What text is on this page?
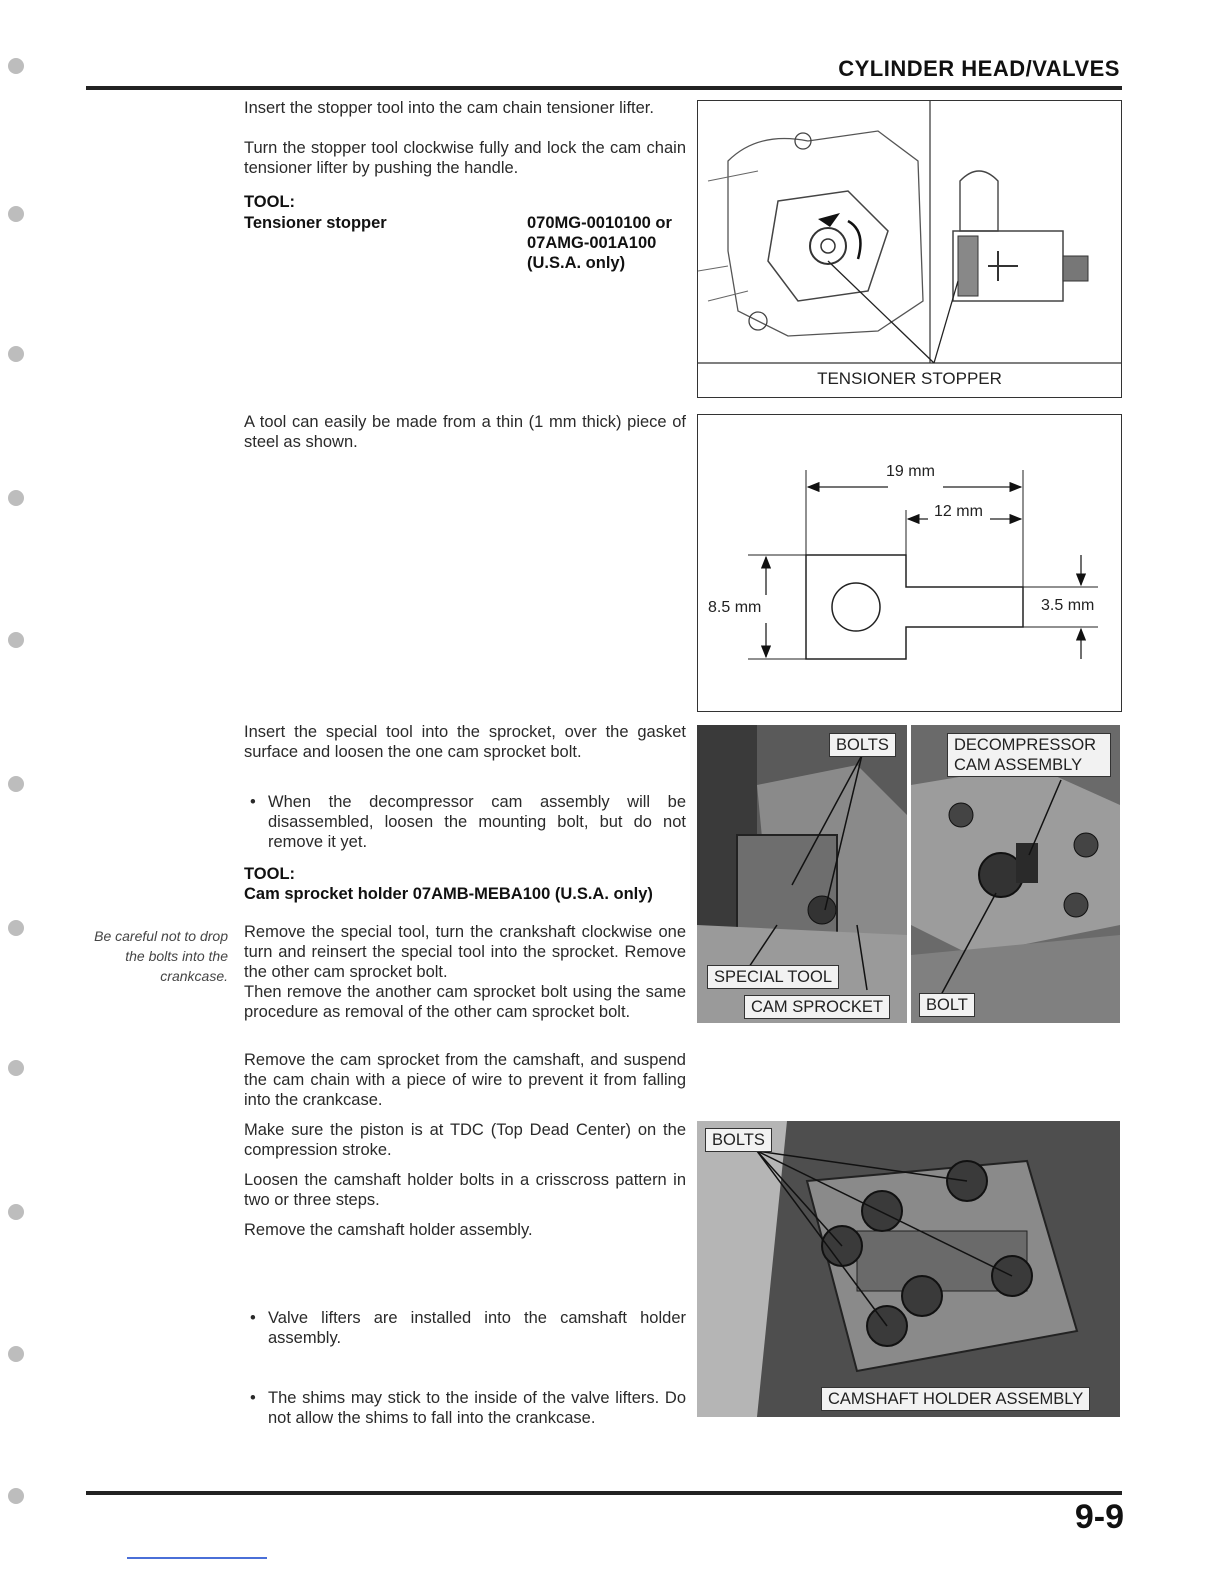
CYLINDER HEAD/VALVES
Insert the stopper tool into the cam chain tensioner lifter.
Turn the stopper tool clockwise fully and lock the cam chain tensioner lifter by pushing the handle.
TOOL:
Tensioner stopper	070MG-0010100 or
07AMG-001A100
(U.S.A. only)
TENSIONER STOPPER
A tool can easily be made from a thin (1 mm thick) piece of steel as shown.
19 mm
12 mm
8.5 mm	3.5 mm
Insert the special tool into the sprocket, over the gasket surface and loosen the one cam sprocket bolt.
• When the decompressor cam assembly will be disassembled, loosen the mounting bolt, but do not remove it yet.
TOOL:
Cam sprocket holder 07AMB-MEBA100 (U.S.A. only)
Be careful not to drop the bolts into the crankcase.
Remove the special tool, turn the crankshaft clockwise one turn and reinsert the special tool into the sprocket. Remove the other cam sprocket bolt.
Then remove the another cam sprocket bolt using the same procedure as removal of the other cam sprocket bolt.
Remove the cam sprocket from the camshaft, and suspend the cam chain with a piece of wire to prevent it from falling into the crankcase.
Make sure the piston is at TDC (Top Dead Center) on the compression stroke.
Loosen the camshaft holder bolts in a crisscross pattern in two or three steps.
Remove the camshaft holder assembly.
• Valve lifters are installed into the camshaft holder assembly.
• The shims may stick to the inside of the valve lifters. Do not allow the shims to fall into the crankcase.
BOLTS
SPECIAL TOOL
CAM SPROCKET
DECOMPRESSOR CAM ASSEMBLY
BOLT
BOLTS
CAMSHAFT HOLDER ASSEMBLY
9-9
